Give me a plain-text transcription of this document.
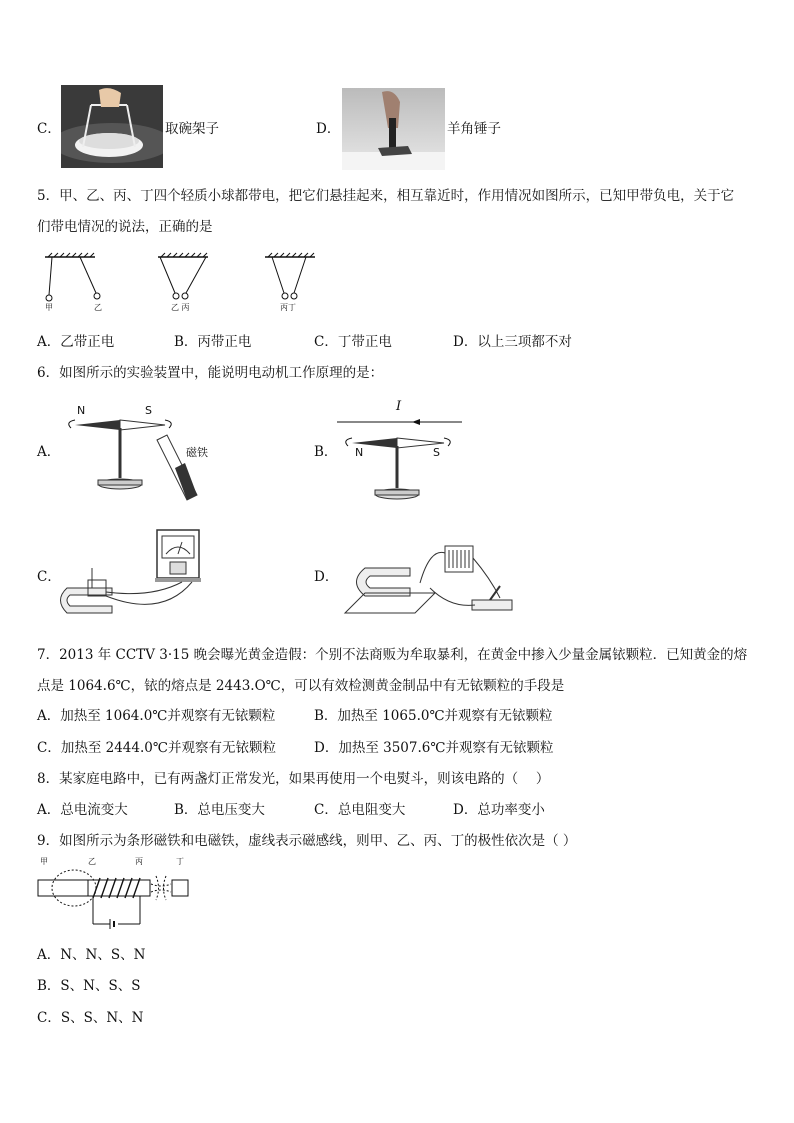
C．	取碗架子	D．	羊角锤子
5．甲、乙、丙、丁四个轻质小球都带电，把它们悬挂起来，相互靠近时，作用情况如图所示，已知甲带负电，关于它
们带电情况的说法，正确的是
甲	乙	乙 丙	丙丁
A．乙带正电	B．丙带正电	C．丁带正电	D．以上三项都不对
6．如图所示的实验装置中，能说明电动机工作原理的是：
A．
N	S
磁铁	B．
I
N	S
C．	D．
7．2013 年 CCTV 3·15 晚会曝光黄金造假：个别不法商贩为牟取暴利，在黄金中掺入少量金属铱颗粒．已知黄金的熔
点是 1064.6℃，铱的熔点是 2443.O℃，可以有效检测黄金制品中有无铱颗粒的手段是
A．加热至 1064.0℃并观察有无铱颗粒	B．加热至 1065.0℃并观察有无铱颗粒
C．加热至 2444.0℃并观察有无铱颗粒	D．加热至 3507.6℃并观察有无铱颗粒
8．某家庭电路中，已有两盏灯正常发光，如果再使用一个电熨斗，则该电路的（　 ）
A．总电流变大	B．总电压变大	C．总电阻变大	D．总功率变小
9．如图所示为条形磁铁和电磁铁，虚线表示磁感线，则甲、乙、丙、丁的极性依次是（ ）
甲	乙	丙	丁
A．N、N、S、N
B．S、N、S、S
C．S、S、N、N
